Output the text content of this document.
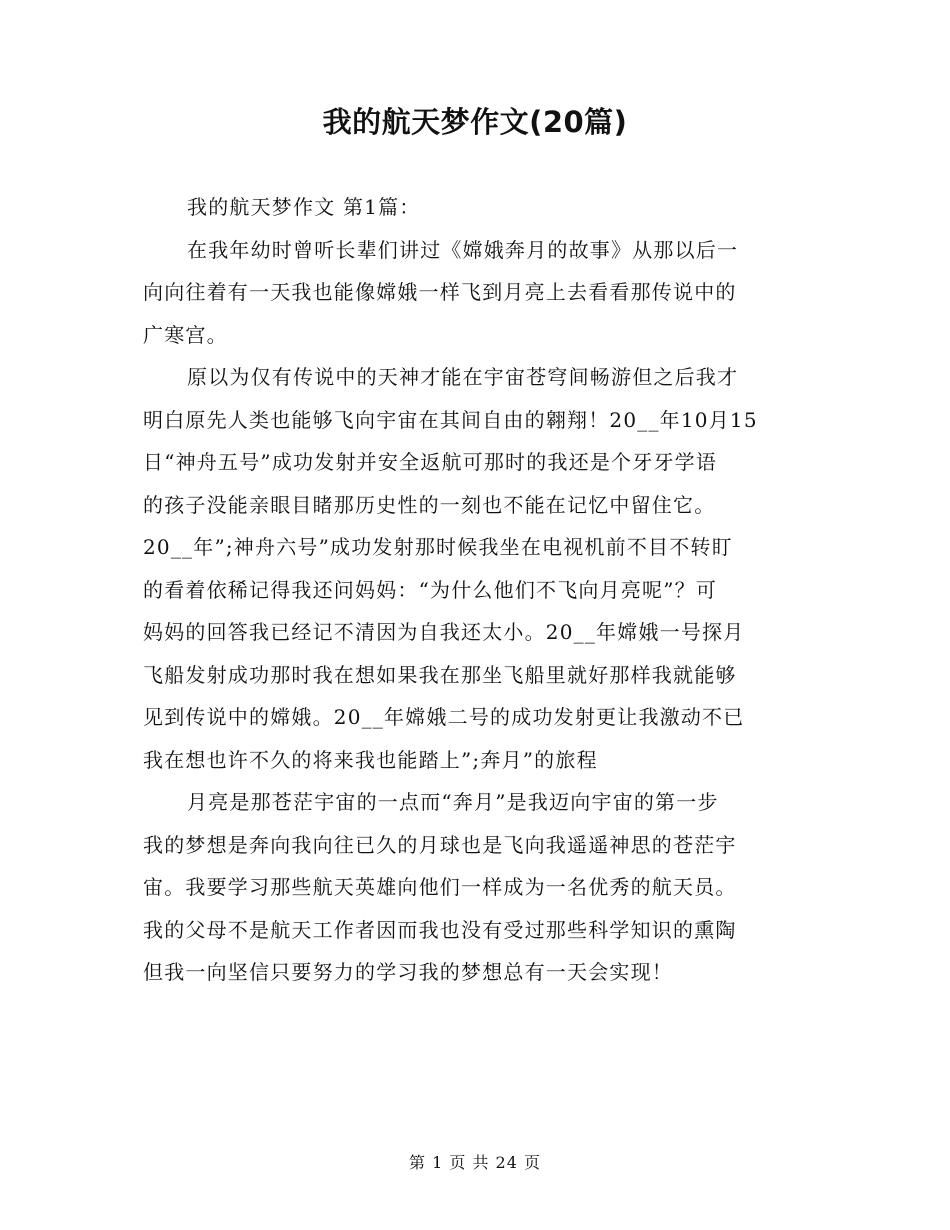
我的航天梦作文(20篇)
我的航天梦作文 第1篇：
在我年幼时曾听长辈们讲过《嫦娥奔月的故事》从那以后一
向向往着有一天我也能像嫦娥一样飞到月亮上去看看那传说中的
广寒宫。
原以为仅有传说中的天神才能在宇宙苍穹间畅游但之后我才
明白原先人类也能够飞向宇宙在其间自由的翱翔！20__年10月15
日“神舟五号”成功发射并安全返航可那时的我还是个牙牙学语
的孩子没能亲眼目睹那历史性的一刻也不能在记忆中留住它。
20__年”;神舟六号”成功发射那时候我坐在电视机前不目不转盯
的看着依稀记得我还问妈妈：“为什么他们不飞向月亮呢”？可
妈妈的回答我已经记不清因为自我还太小。20__年嫦娥一号探月
飞船发射成功那时我在想如果我在那坐飞船里就好那样我就能够
见到传说中的嫦娥。20__年嫦娥二号的成功发射更让我激动不已
我在想也许不久的将来我也能踏上”;奔月”的旅程
月亮是那苍茫宇宙的一点而“奔月”是我迈向宇宙的第一步
我的梦想是奔向我向往已久的月球也是飞向我遥遥神思的苍茫宇
宙。我要学习那些航天英雄向他们一样成为一名优秀的航天员。
我的父母不是航天工作者因而我也没有受过那些科学知识的熏陶
但我一向坚信只要努力的学习我的梦想总有一天会实现！
第 1 页 共 24 页
